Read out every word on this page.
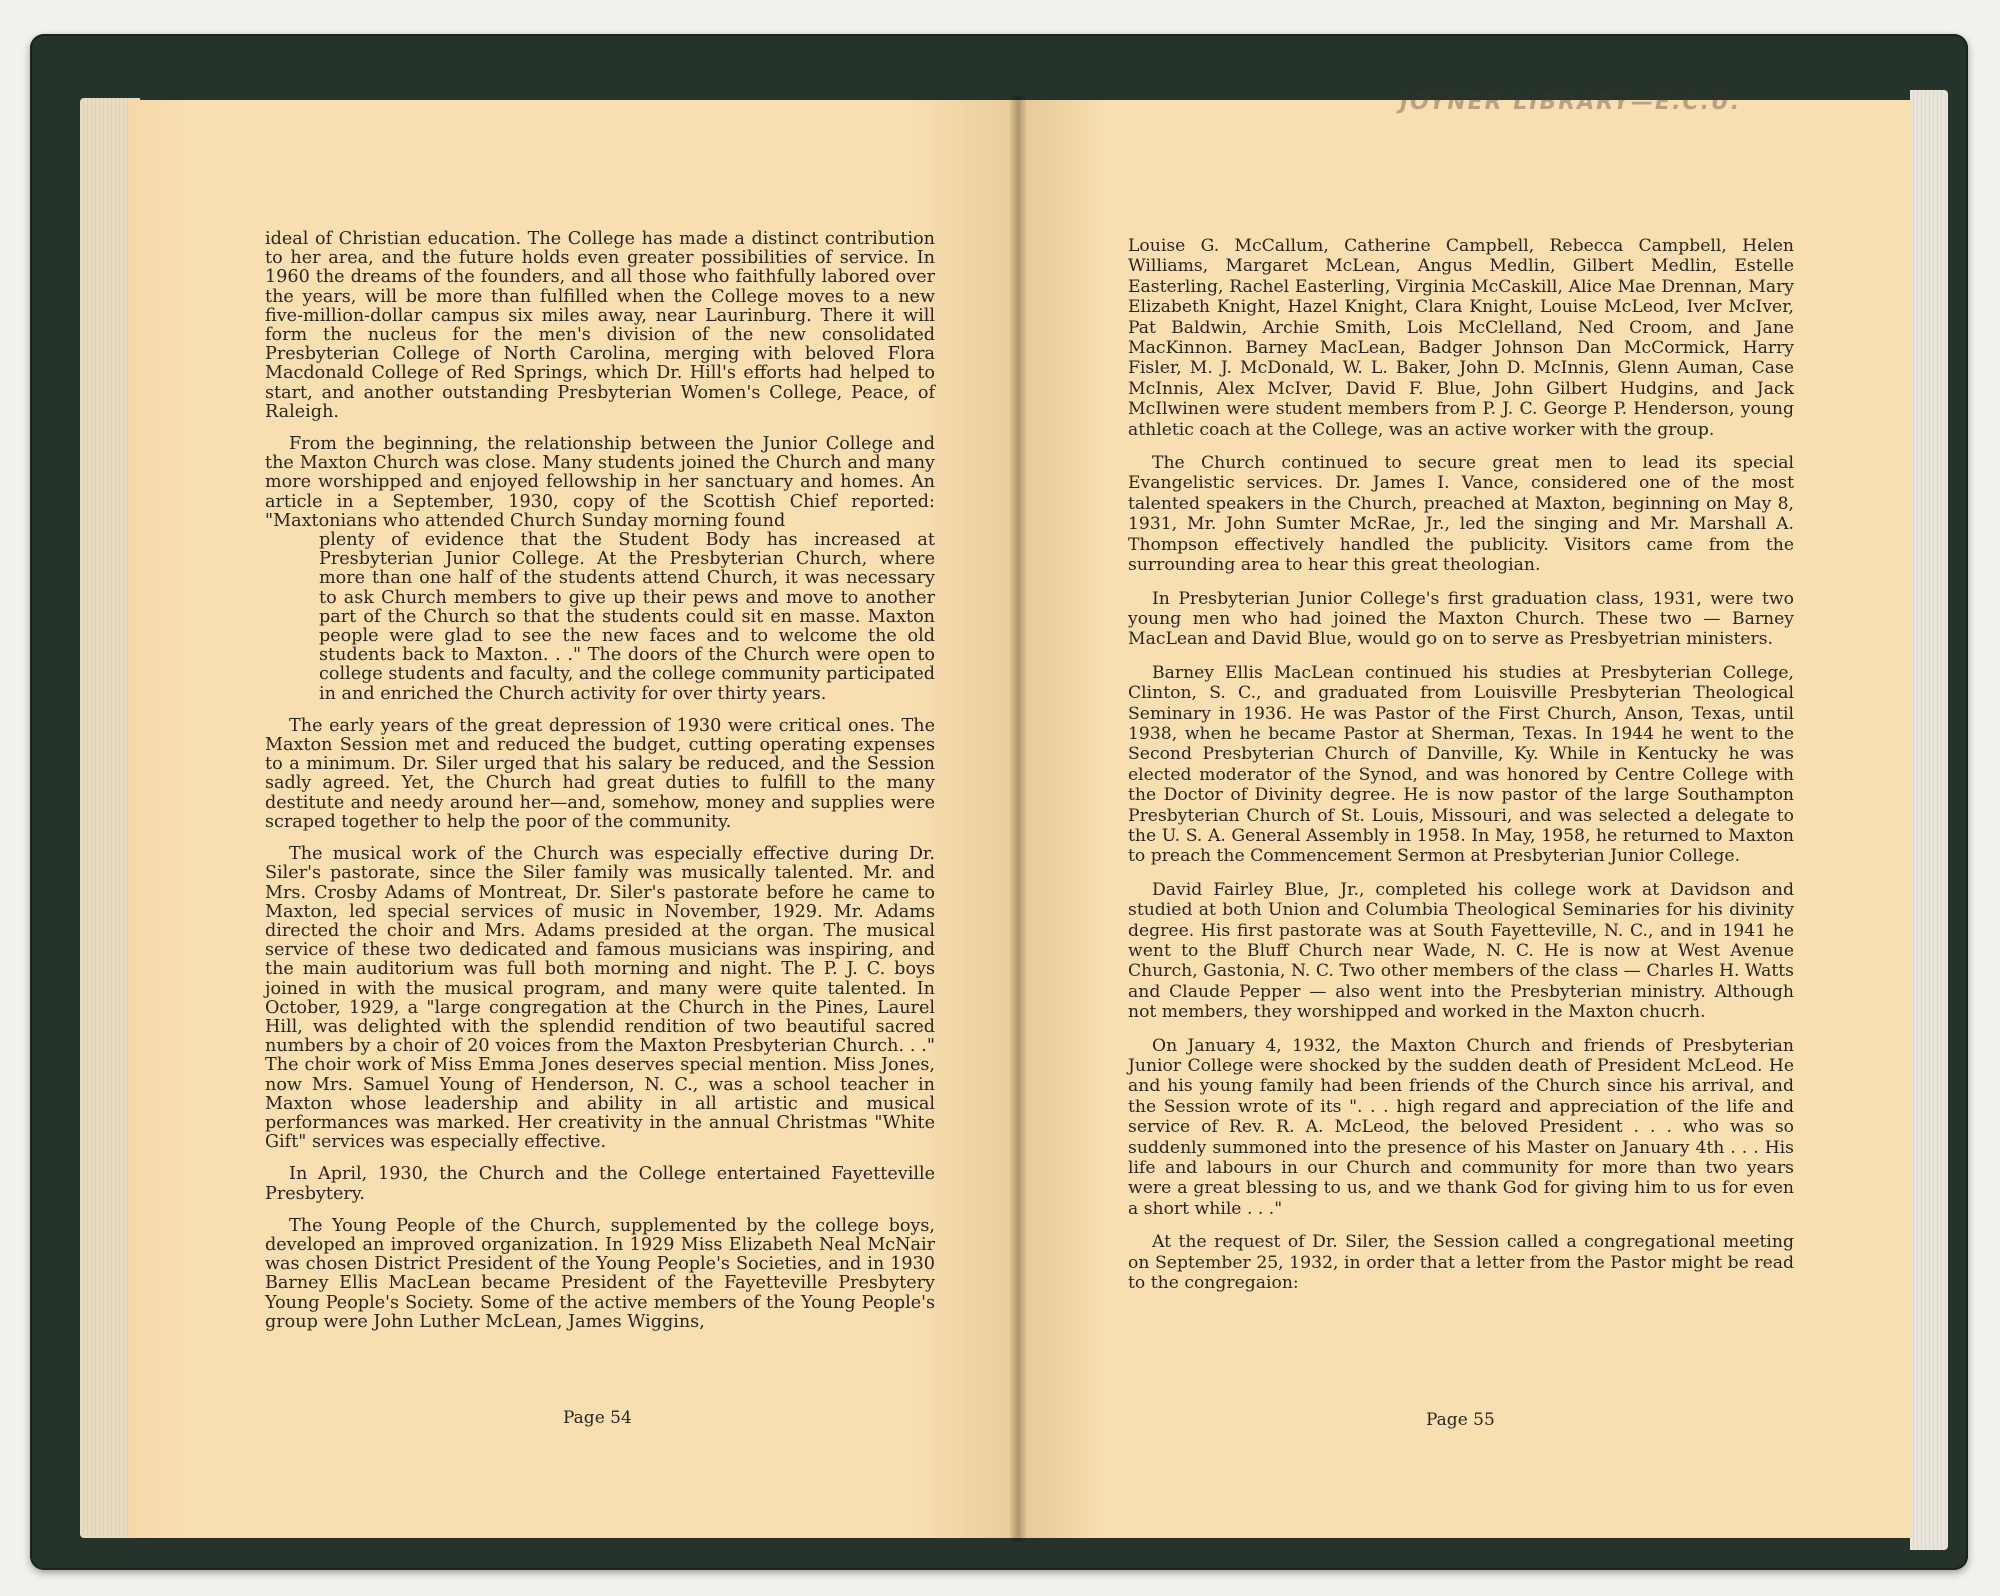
JOYNER LIBRARY—E.C.U.

ideal of Christian education. The College has made a distinct contribution to her area, and the future holds even greater possibilities of service. In 1960 the dreams of the founders, and all those who faithfully labored over the years, will be more than fulfilled when the College moves to a new five-million-dollar campus six miles away, near Laurinburg. There it will form the nucleus for the men's division of the new consolidated Presbyterian College of North Carolina, merging with beloved Flora Macdonald College of Red Springs, which Dr. Hill's efforts had helped to start, and another outstanding Presbyterian Women's College, Peace, of Raleigh.

From the beginning, the relationship between the Junior College and the Maxton Church was close. Many students joined the Church and many more worshipped and enjoyed fellowship in her sanctuary and homes. An article in a September, 1930, copy of the Scottish Chief reported: "Maxtonians who attended Church Sunday morning found

plenty of evidence that the Student Body has increased at Presbyterian Junior College. At the Presbyterian Church, where more than one half of the students attend Church, it was necessary to ask Church members to give up their pews and move to another part of the Church so that the students could sit en masse. Maxton people were glad to see the new faces and to welcome the old students back to Maxton. . ." The doors of the Church were open to college students and faculty, and the college community participated in and enriched the Church activity for over thirty years.

The early years of the great depression of 1930 were critical ones. The Maxton Session met and reduced the budget, cutting operating expenses to a minimum. Dr. Siler urged that his salary be reduced, and the Session sadly agreed. Yet, the Church had great duties to fulfill to the many destitute and needy around her—and, somehow, money and supplies were scraped together to help the poor of the community.

The musical work of the Church was especially effective during Dr. Siler's pastorate, since the Siler family was musically talented. Mr. and Mrs. Crosby Adams of Montreat, Dr. Siler's pastorate before he came to Maxton, led special services of music in November, 1929. Mr. Adams directed the choir and Mrs. Adams presided at the organ. The musical service of these two dedicated and famous musicians was inspiring, and the main auditorium was full both morning and night. The P. J. C. boys joined in with the musical program, and many were quite talented. In October, 1929, a "large congregation at the Church in the Pines, Laurel Hill, was delighted with the splendid rendition of two beautiful sacred numbers by a choir of 20 voices from the Maxton Presbyterian Church. . ." The choir work of Miss Emma Jones deserves special mention. Miss Jones, now Mrs. Samuel Young of Henderson, N. C., was a school teacher in Maxton whose leadership and ability in all artistic and musical performances was marked. Her creativity in the annual Christmas "White Gift" services was especially effective.

In April, 1930, the Church and the College entertained Fayetteville Presbytery.

The Young People of the Church, supplemented by the college boys, developed an improved organization. In 1929 Miss Elizabeth Neal McNair was chosen District President of the Young People's Societies, and in 1930 Barney Ellis MacLean became President of the Fayetteville Presbytery Young People's Society. Some of the active members of the Young People's group were John Luther McLean, James Wiggins,

Page 54

Louise G. McCallum, Catherine Campbell, Rebecca Campbell, Helen Williams, Margaret McLean, Angus Medlin, Gilbert Medlin, Estelle Easterling, Rachel Easterling, Virginia McCaskill, Alice Mae Drennan, Mary Elizabeth Knight, Hazel Knight, Clara Knight, Louise McLeod, Iver McIver, Pat Baldwin, Archie Smith, Lois McClelland, Ned Croom, and Jane MacKinnon. Barney MacLean, Badger Johnson Dan McCormick, Harry Fisler, M. J. McDonald, W. L. Baker, John D. McInnis, Glenn Auman, Case McInnis, Alex McIver, David F. Blue, John Gilbert Hudgins, and Jack McIlwinen were student members from P. J. C. George P. Henderson, young athletic coach at the College, was an active worker with the group.

The Church continued to secure great men to lead its special Evangelistic services. Dr. James I. Vance, considered one of the most talented speakers in the Church, preached at Maxton, beginning on May 8, 1931, Mr. John Sumter McRae, Jr., led the singing and Mr. Marshall A. Thompson effectively handled the publicity. Visitors came from the surrounding area to hear this great theologian.

In Presbyterian Junior College's first graduation class, 1931, were two young men who had joined the Maxton Church. These two — Barney MacLean and David Blue, would go on to serve as Presbyetrian ministers.

Barney Ellis MacLean continued his studies at Presbyterian College, Clinton, S. C., and graduated from Louisville Presbyterian Theological Seminary in 1936. He was Pastor of the First Church, Anson, Texas, until 1938, when he became Pastor at Sherman, Texas. In 1944 he went to the Second Presbyterian Church of Danville, Ky. While in Kentucky he was elected moderator of the Synod, and was honored by Centre College with the Doctor of Divinity degree. He is now pastor of the large Southampton Presbyterian Church of St. Louis, Missouri, and was selected a delegate to the U. S. A. General Assembly in 1958. In May, 1958, he returned to Maxton to preach the Commencement Sermon at Presbyterian Junior College.

David Fairley Blue, Jr., completed his college work at Davidson and studied at both Union and Columbia Theological Seminaries for his divinity degree. His first pastorate was at South Fayetteville, N. C., and in 1941 he went to the Bluff Church near Wade, N. C. He is now at West Avenue Church, Gastonia, N. C. Two other members of the class — Charles H. Watts and Claude Pepper — also went into the Presbyterian ministry. Although not members, they worshipped and worked in the Maxton chucrh.

On January 4, 1932, the Maxton Church and friends of Presbyterian Junior College were shocked by the sudden death of President McLeod. He and his young family had been friends of the Church since his arrival, and the Session wrote of its ". . . high regard and appreciation of the life and service of Rev. R. A. McLeod, the beloved President . . . who was so suddenly summoned into the presence of his Master on January 4th . . . His life and labours in our Church and community for more than two years were a great blessing to us, and we thank God for giving him to us for even a short while . . ."

At the request of Dr. Siler, the Session called a congregational meeting on September 25, 1932, in order that a letter from the Pastor might be read to the congregaion:

Page 55
